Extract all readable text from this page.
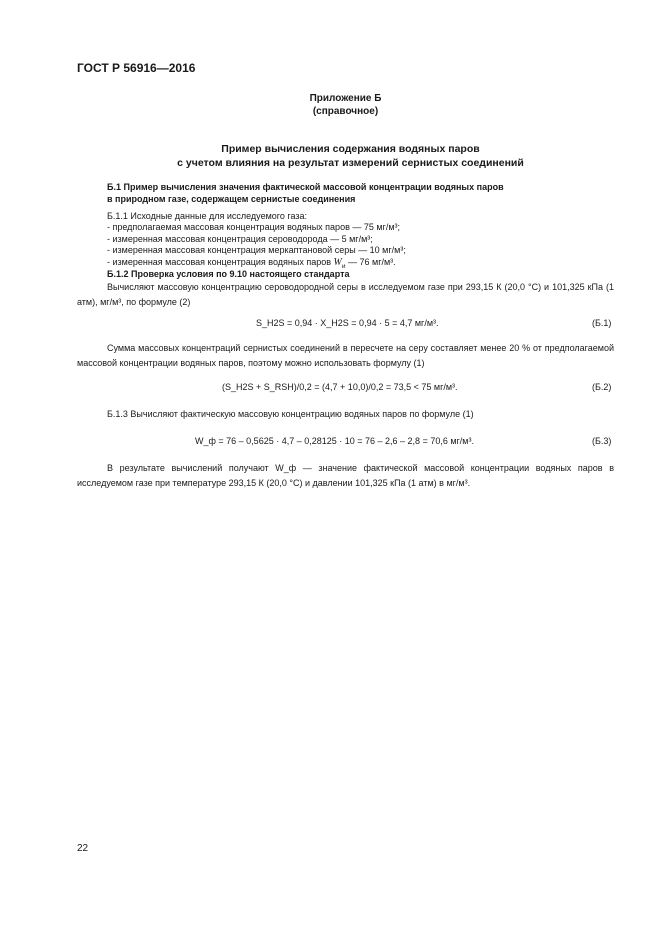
ГОСТ Р 56916—2016
Приложение Б
(справочное)
Пример вычисления содержания водяных паров
с учетом влияния на результат измерений сернистых соединений
Б.1 Пример вычисления значения фактической массовой концентрации водяных паров
в природном газе, содержащем сернистые соединения
Б.1.1 Исходные данные для исследуемого газа:
- предполагаемая массовая концентрация водяных паров — 75 мг/м³;
- измеренная массовая концентрация сероводорода — 5 мг/м³;
- измеренная массовая концентрация меркаптановой серы — 10 мг/м³;
- измеренная массовая концентрация водяных паров $W_и$ — 76 мг/м³.
Б.1.2 Проверка условия по 9.10 настоящего стандарта
Вычисляют массовую концентрацию сероводородной серы в исследуемом газе при 293,15 К (20,0 °С) и 101,325 кПа (1 атм), мг/м³, по формуле (2)
S_H2S = 0,94 · X_H2S = 0,94 · 5 = 4,7 мг/м³.	(Б.1)
Сумма массовых концентраций сернистых соединений в пересчете на серу составляет менее 20 % от предполагаемой массовой концентрации водяных паров, поэтому можно использовать формулу (1)
(S_H2S + S_RSH)/0,2 = (4,7 + 10,0)/0,2 = 73,5 < 75 мг/м³.	(Б.2)
Б.1.3 Вычисляют фактическую массовую концентрацию водяных паров по формуле (1)
W_ф = 76 – 0,5625 · 4,7 – 0,28125 · 10 = 76 – 2,6 – 2,8 = 70,6 мг/м³.	(Б.3)
В результате вычислений получают W_ф — значение фактической массовой концентрации водяных паров в исследуемом газе при температуре 293,15 К (20,0 °С) и давлении 101,325 кПа (1 атм) в мг/м³.
22
